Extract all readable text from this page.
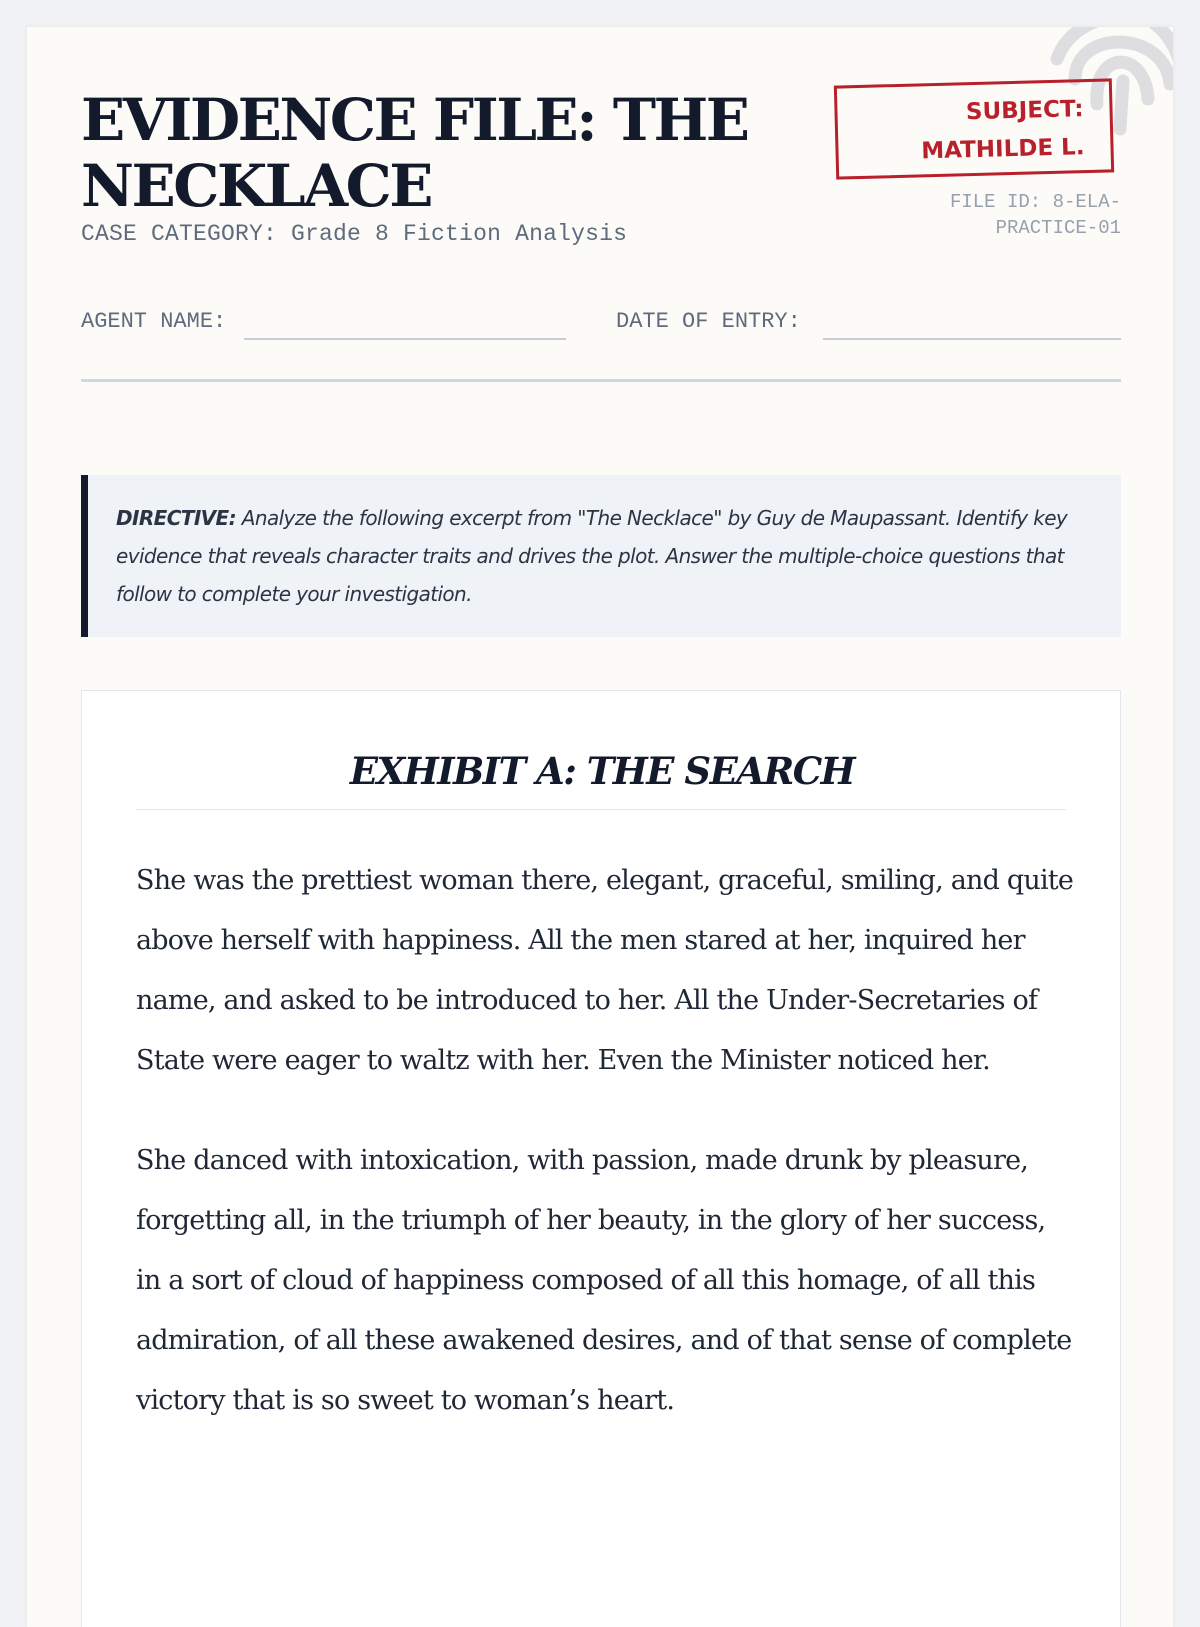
EVIDENCE FILE: THE NECKLACE
CASE CATEGORY: Grade 8 Fiction Analysis
SUBJECT:
MATHILDE L.
FILE ID: 8-ELA-
PRACTICE-01
AGENT NAME:	DATE OF ENTRY:
DIRECTIVE: Analyze the following excerpt from "The Necklace" by Guy de Maupassant. Identify key evidence that reveals character traits and drives the plot. Answer the multiple-choice questions that follow to complete your investigation.
EXHIBIT A: THE SEARCH

She was the prettiest woman there, elegant, graceful, smiling, and quite above herself with happiness. All the men stared at her, inquired her name, and asked to be introduced to her. All the Under-Secretaries of State were eager to waltz with her. Even the Minister noticed her.

She danced with intoxication, with passion, made drunk by pleasure, forgetting all, in the triumph of her beauty, in the glory of her success, in a sort of cloud of happiness composed of all this homage, of all this admiration, of all these awakened desires, and of that sense of complete victory that is so sweet to woman’s heart.
